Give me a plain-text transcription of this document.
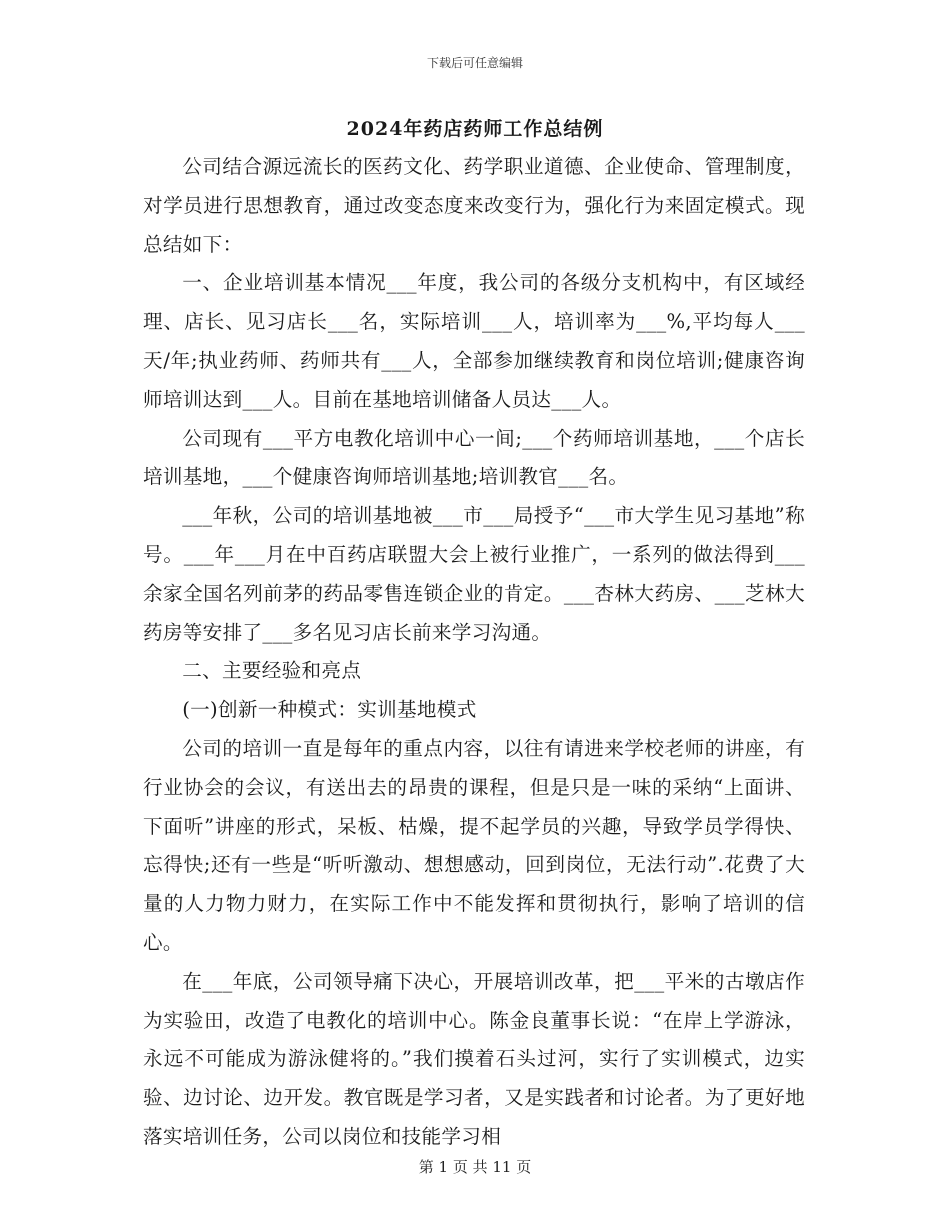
下载后可任意编辑
2024年药店药师工作总结例

公司结合源远流长的医药文化、药学职业道德、企业使命、管理制度，对学员进行思想教育，通过改变态度来改变行为，强化行为来固定模式。现总结如下：

一、企业培训基本情况___年度，我公司的各级分支机构中，有区域经理、店长、见习店长___名，实际培训___人，培训率为___%,平均每人___天/年;执业药师、药师共有___人，全部参加继续教育和岗位培训;健康咨询师培训达到___人。目前在基地培训储备人员达___人。

公司现有___平方电教化培训中心一间;___个药师培训基地，___个店长培训基地，___个健康咨询师培训基地;培训教官___名。

___年秋，公司的培训基地被___市___局授予“___市大学生见习基地”称号。___年___月在中百药店联盟大会上被行业推广，一系列的做法得到___余家全国名列前茅的药品零售连锁企业的肯定。___杏林大药房、___芝林大药房等安排了___多名见习店长前来学习沟通。

二、主要经验和亮点

(一)创新一种模式：实训基地模式

公司的培训一直是每年的重点内容，以往有请进来学校老师的讲座，有行业协会的会议，有送出去的昂贵的课程，但是只是一味的采纳“上面讲、下面听”讲座的形式，呆板、枯燥，提不起学员的兴趣，导致学员学得快、忘得快;还有一些是“听听激动、想想感动，回到岗位，无法行动”.花费了大量的人力物力财力，在实际工作中不能发挥和贯彻执行，影响了培训的信心。

在___年底，公司领导痛下决心，开展培训改革，把___平米的古墩店作为实验田，改造了电教化的培训中心。陈金良董事长说：“在岸上学游泳，永远不可能成为游泳健将的。”我们摸着石头过河，实行了实训模式，边实验、边讨论、边开发。教官既是学习者，又是实践者和讨论者。为了更好地落实培训任务，公司以岗位和技能学习相

第 1 页 共 11 页
